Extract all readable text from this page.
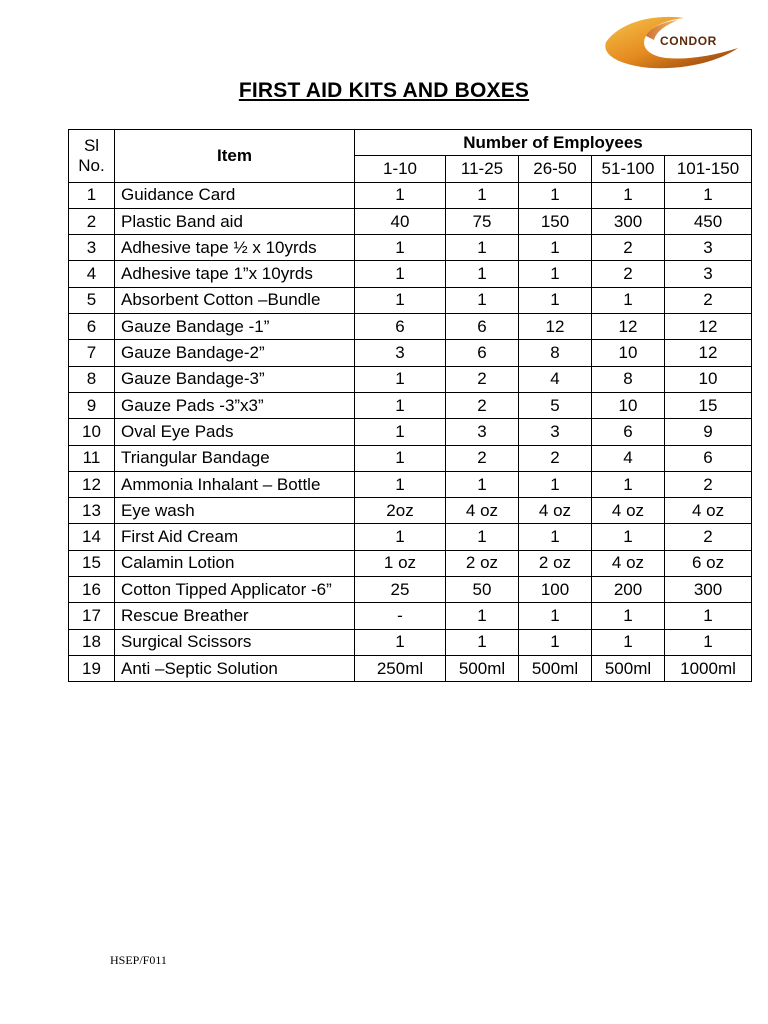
CONDOR
FIRST AID KITS AND BOXES
Sl
No.	Item	Number of Employees				
		1-10	11-25	26-50	51-100	101-150
1	Guidance Card	1	1	1	1	1
2	Plastic Band aid	40	75	150	300	450
3	Adhesive tape ½ x 10yrds	1	1	1	2	3
4	Adhesive tape 1”x 10yrds	1	1	1	2	3
5	Absorbent Cotton –Bundle	1	1	1	1	2
6	Gauze Bandage -1”	6	6	12	12	12
7	Gauze Bandage-2”	3	6	8	10	12
8	Gauze Bandage-3”	1	2	4	8	10
9	Gauze Pads -3”x3”	1	2	5	10	15
10	Oval Eye Pads	1	3	3	6	9
11	Triangular Bandage	1	2	2	4	6
12	Ammonia Inhalant – Bottle	1	1	1	1	2
13	Eye wash	2oz	4 oz	4 oz	4 oz	4 oz
14	First Aid Cream	1	1	1	1	2
15	Calamin Lotion	1 oz	2 oz	2 oz	4 oz	6 oz
16	Cotton Tipped Applicator -6”	25	50	100	200	300
17	Rescue Breather	-	1	1	1	1
18	Surgical Scissors	1	1	1	1	1
19	Anti –Septic Solution	250ml	500ml	500ml	500ml	1000ml
HSEP/F011
